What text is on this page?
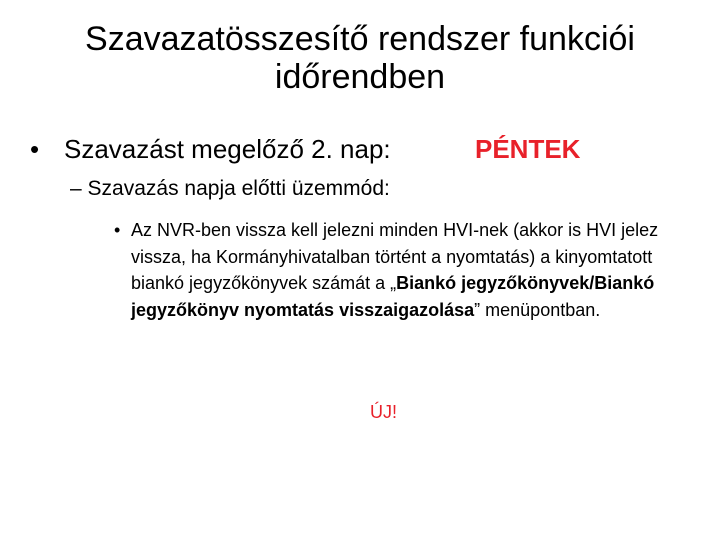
Szavazatösszesítő rendszer funkciói
időrendben
• Szavazást megelőző 2. nap:	PÉNTEK
– Szavazás napja előtti üzemmód:
• Az NVR-ben vissza kell jelezni minden HVI-nek (akkor is HVI jelez vissza, ha Kormányhivatalban történt a nyomtatás) a kinyomtatott biankó jegyzőkönyvek számát a „Biankó jegyzőkönyvek/Biankó jegyzőkönyv nyomtatás visszaigazolása” menüpontban.
ÚJ!
